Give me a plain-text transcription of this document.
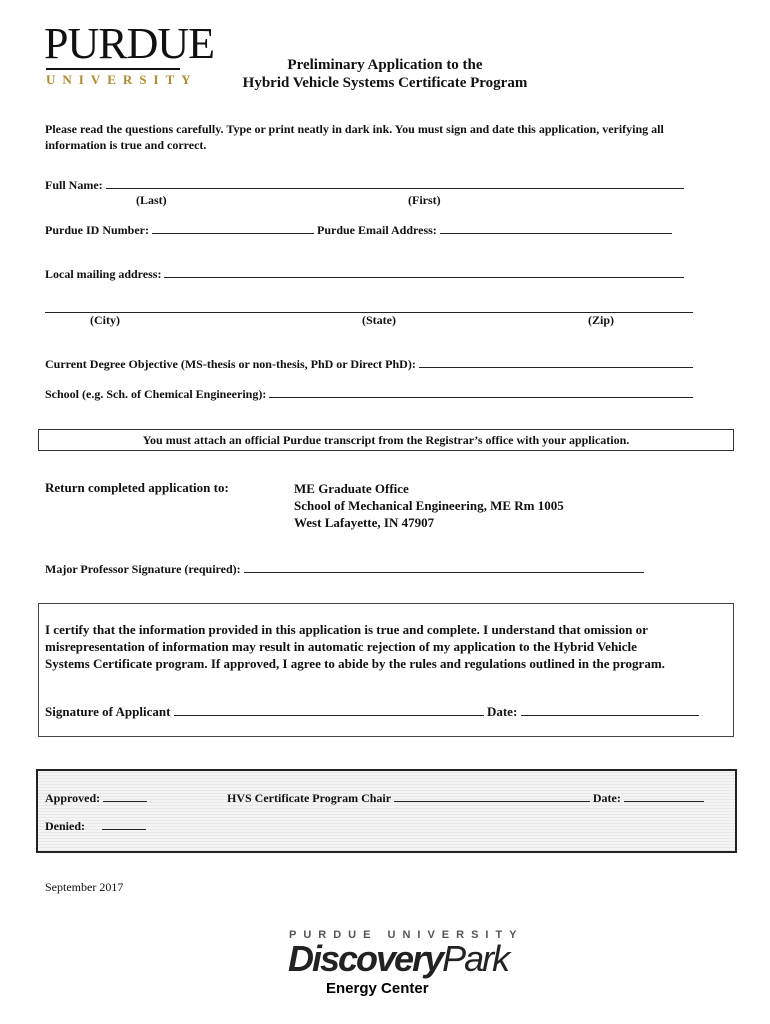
PURDUE
UNIVERSITY
Preliminary Application to the
Hybrid Vehicle Systems Certificate Program
Please read the questions carefully. Type or print neatly in dark ink. You must sign and date this application, verifying all
information is true and correct.
Full Name:
(Last)	(First)
Purdue ID Number:	Purdue Email Address:
Local mailing address:
(City)	(State)	(Zip)
Current Degree Objective (MS-thesis or non-thesis, PhD or Direct PhD):
School (e.g. Sch. of Chemical Engineering):
You must attach an official Purdue transcript from the Registrar’s office with your application.
Return completed application to:	ME Graduate Office
School of Mechanical Engineering, ME Rm 1005
West Lafayette, IN 47907
Major Professor Signature (required):
I certify that the information provided in this application is true and complete. I understand that omission or
misrepresentation of information may result in automatic rejection of my application to the Hybrid Vehicle
Systems Certificate program. If approved, I agree to abide by the rules and regulations outlined in the program.
Signature of Applicant	Date:
Approved:	HVS Certificate Program Chair	Date:
Denied:
September 2017
PURDUE UNIVERSITY
DiscoveryPark
Energy Center
